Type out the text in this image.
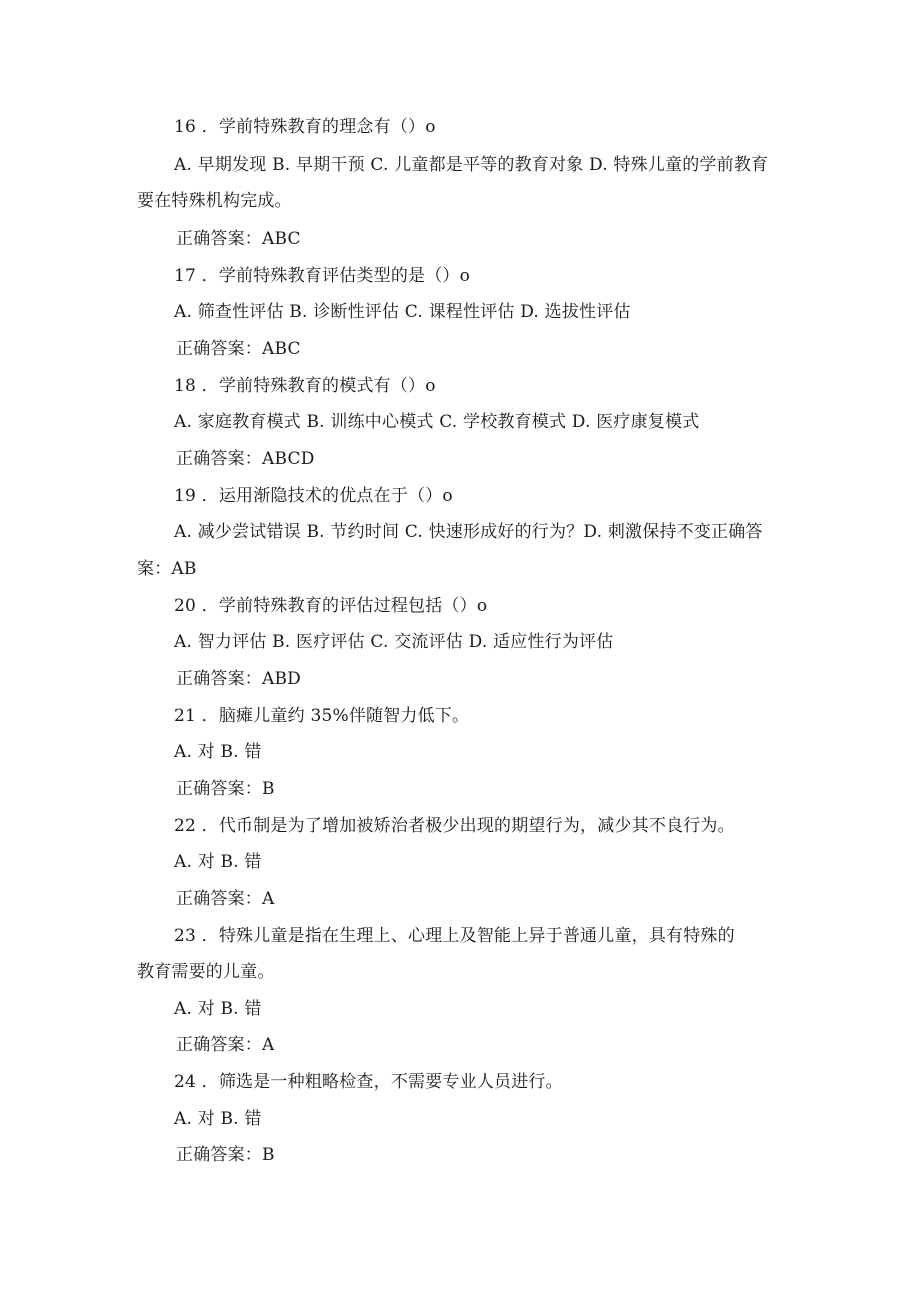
16 ．学前特殊教育的理念有（）o
A. 早期发现 B. 早期干预 C. 儿童都是平等的教育对象 D. 特殊儿童的学前教育
要在特殊机构完成。
正确答案：ABC
17 ．学前特殊教育评估类型的是（）o
A. 筛查性评估 B. 诊断性评估 C. 课程性评估 D. 选拔性评估
正确答案：ABC
18 ．学前特殊教育的模式有（）o
A. 家庭教育模式 B. 训练中心模式 C. 学校教育模式 D. 医疗康复模式
正确答案：ABCD
19 ．运用渐隐技术的优点在于（）o
A. 减少尝试错误 B. 节约时间 C. 快速形成好的行为？D. 刺激保持不变正确答
案：AB
20 ．学前特殊教育的评估过程包括（）o
A. 智力评估 B. 医疗评估 C. 交流评估 D. 适应性行为评估
正确答案：ABD
21 ．脑瘫儿童约 35%伴随智力低下。
A. 对 B. 错
正确答案：B
22 ．代币制是为了增加被矫治者极少出现的期望行为，减少其不良行为。
A. 对 B. 错
正确答案：A
23 ．特殊儿童是指在生理上、心理上及智能上异于普通儿童，具有特殊的
教育需要的儿童。
A. 对 B. 错
正确答案：A
24 ．筛选是一种粗略检查，不需要专业人员进行。
A. 对 B. 错
正确答案：B
